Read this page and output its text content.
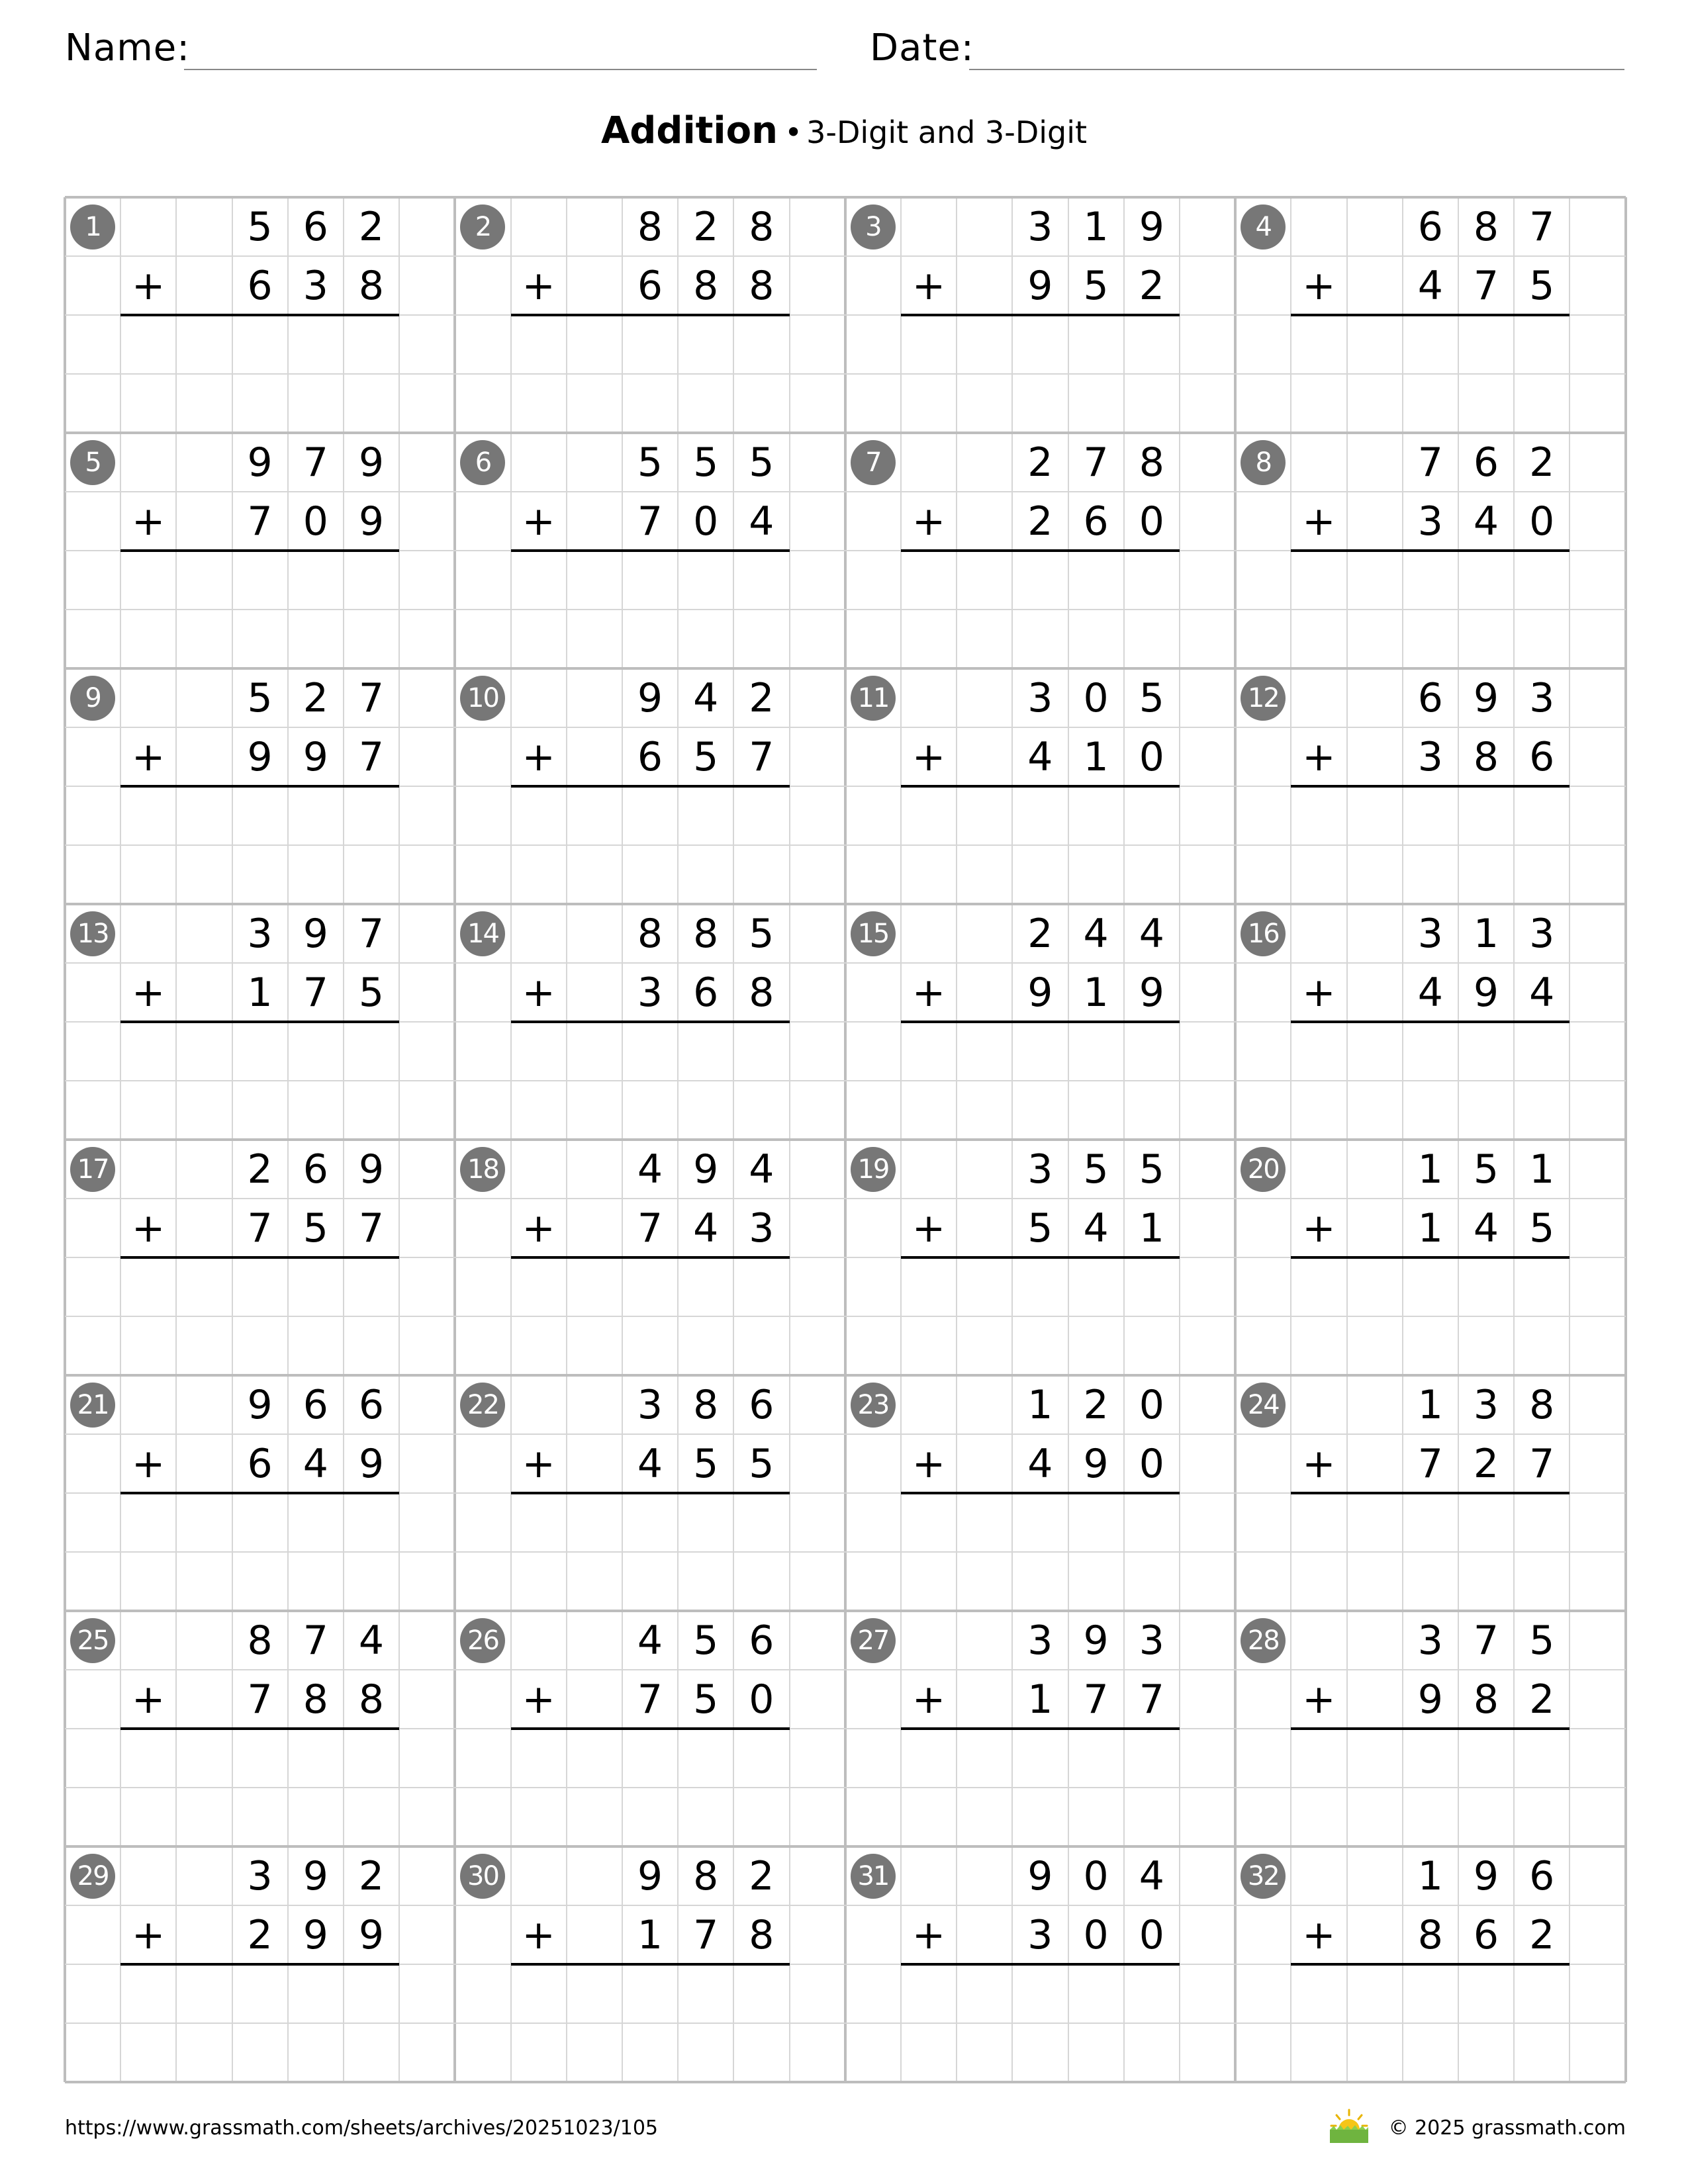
Name:	Date:
Addition • 3-Digit and 3-Digit
1	5
6
6
3
2
8
+
2	8
6
2
8
8
8
+
3	3
9
1
5
9
2
+
4	6
4
8
7
7
5
+
5	9
7
7
0
9
9
+
6	5
7
5
0
5
4
+
7	2
2
7
6
8
0
+
8	7
3
6
4
2
0
+
9	5
9
2
9
7
7
+
10	9
6
4
5
2
7
+
11	3
4
0
1
5
0
+
12	6
3
9
8
3
6
+
13	3
1
9
7
7
5
+
14	8
3
8
6
5
8
+
15	2
9
4
1
4
9
+
16	3
4
1
9
3
4
+
17	2
7
6
5
9
7
+
18	4
7
9
4
4
3
+
19	3
5
5
4
5
1
+
20	1
1
5
4
1
5
+
21	9
6
6
4
6
9
+
22	3
4
8
5
6
5
+
23	1
4
2
9
0
0
+
24	1
7
3
2
8
7
+
25	8
7
7
8
4
8
+
26	4
7
5
5
6
0
+
27	3
1
9
7
3
7
+
28	3
9
7
8
5
2
+
29	3
2
9
9
2
9
+
30	9
1
8
7
2
8
+
31	9
3
0
0
4
0
+
32	1
8
9
6
6
2
+
https://www.grassmath.com/sheets/archives/20251023/105	© 2025 grassmath.com
